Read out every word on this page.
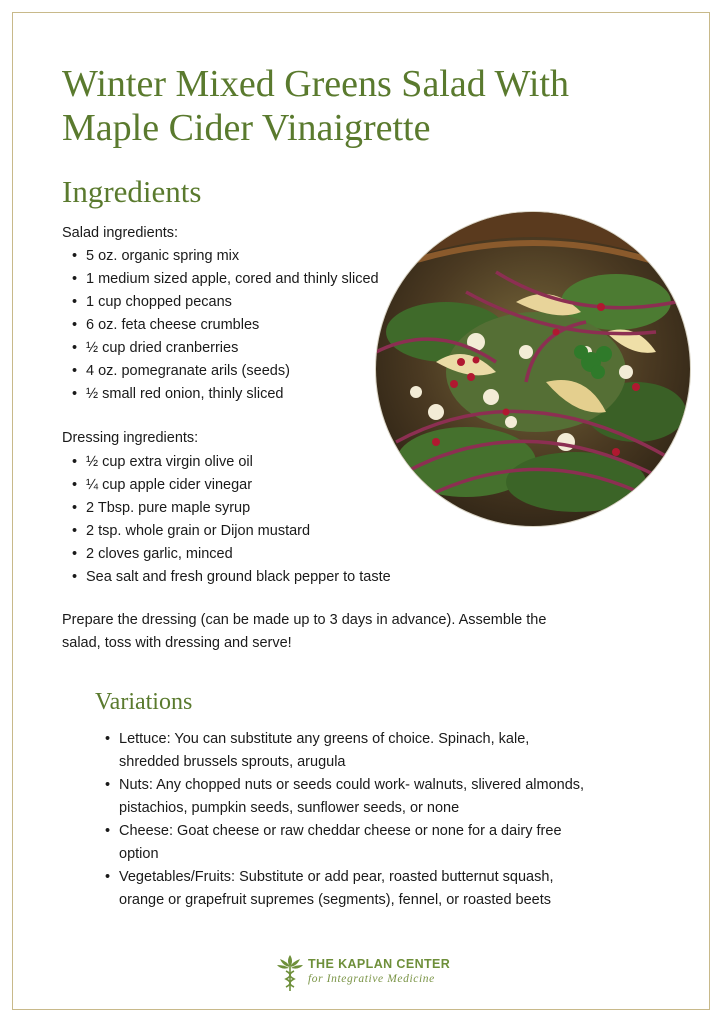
Winter Mixed Greens Salad With Maple Cider Vinaigrette
Ingredients

Salad ingredients:

• 5 oz. organic spring mix
• 1 medium sized apple, cored and thinly sliced
• 1 cup chopped pecans
• 6 oz. feta cheese crumbles
• ½ cup dried cranberries
• 4 oz. pomegranate arils (seeds)
• ½ small red onion, thinly sliced

Dressing ingredients:

• ½ cup extra virgin olive oil
• ¼ cup apple cider vinegar
• 2 Tbsp. pure maple syrup
• 2 tsp. whole grain or Dijon mustard
• 2 cloves garlic, minced
• Sea salt and fresh ground black pepper to taste

Prepare the dressing (can be made up to 3 days in advance). Assemble the salad, toss with dressing and serve!

Variations
• Lettuce: You can substitute any greens of choice. Spinach, kale, shredded brussels sprouts, arugula
• Nuts: Any chopped nuts or seeds could work- walnuts, slivered almonds, pistachios, pumpkin seeds, sunflower seeds, or none
• Cheese: Goat cheese or raw cheddar cheese or none for a dairy free option
• Vegetables/Fruits: Substitute or add pear, roasted butternut squash, orange or grapefruit supremes (segments), fennel, or roasted beets
THE KAPLAN CENTER
for Integrative Medicine
